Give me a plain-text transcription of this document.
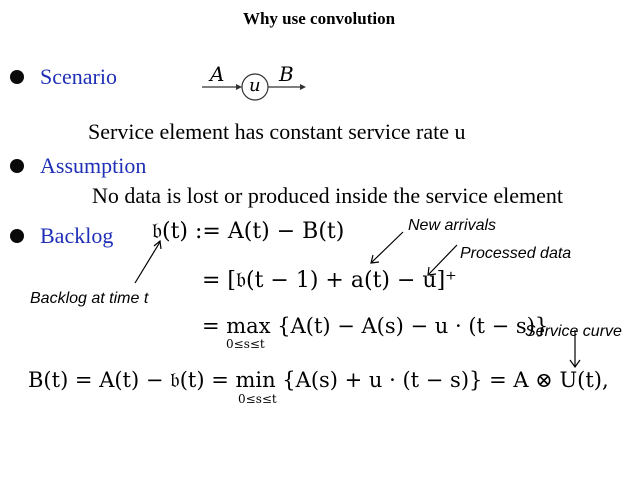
Why use convolution
Scenario	A u B
Service element has constant service rate u
Assumption
No data is lost or produced inside the service element
Backlog 𝔟(t) := A(t) − B(t)
= [𝔟(t − 1) + a(t) − u]⁺
= max {A(t) − A(s) − u · (t − s)}
0≤s≤t
B(t) = A(t) − 𝔟(t) = min {A(s) + u · (t − s)} = A ⊗ U(t),
0≤s≤t
New arrivals
Processed data
Backlog at time t
Service curve
